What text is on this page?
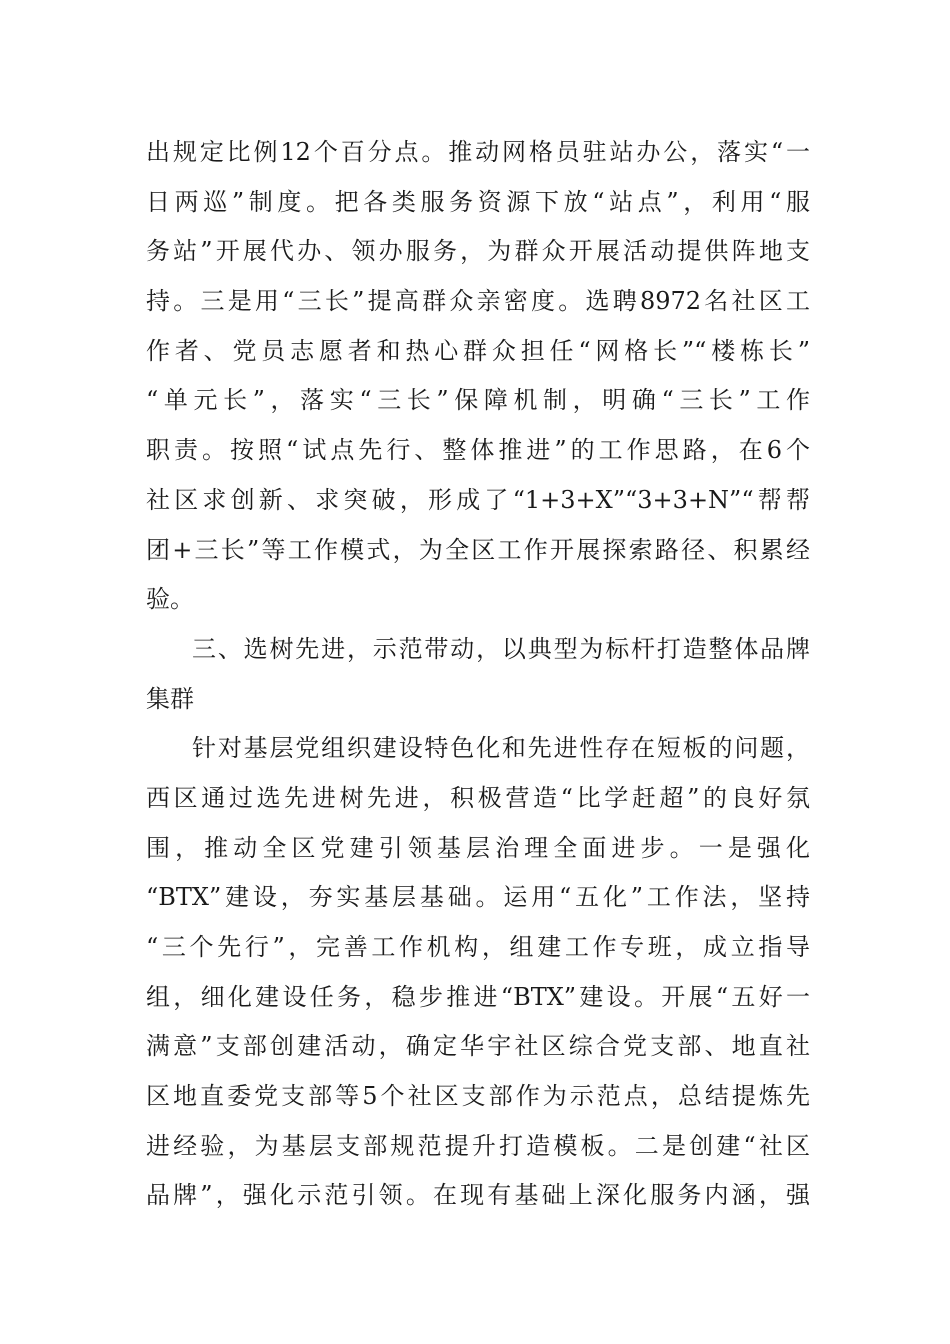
出规定比例12个百分点。推动网格员驻站办公，落实“一
日两巡”制度。把各类服务资源下放“站点”，利用“服
务站”开展代办、领办服务，为群众开展活动提供阵地支
持。三是用“三长”提高群众亲密度。选聘8972名社区工
作者、党员志愿者和热心群众担任“网格长”“楼栋长”
“单元长”，落实“三长”保障机制，明确“三长”工作
职责。按照“试点先行、整体推进”的工作思路，在6个
社区求创新、求突破，形成了“1+3+X”“3+3+N”“帮帮
团+三长”等工作模式，为全区工作开展探索路径、积累经
验。
三、选树先进，示范带动，以典型为标杆打造整体品牌
集群
针对基层党组织建设特色化和先进性存在短板的问题，
西区通过选先进树先进，积极营造“比学赶超”的良好氛
围，推动全区党建引领基层治理全面进步。一是强化
“BTX”建设，夯实基层基础。运用“五化”工作法，坚持
“三个先行”，完善工作机构，组建工作专班，成立指导
组，细化建设任务，稳步推进“BTX”建设。开展“五好一
满意”支部创建活动，确定华宇社区综合党支部、地直社
区地直委党支部等5个社区支部作为示范点，总结提炼先
进经验，为基层支部规范提升打造模板。二是创建“社区
品牌”，强化示范引领。在现有基础上深化服务内涵，强
